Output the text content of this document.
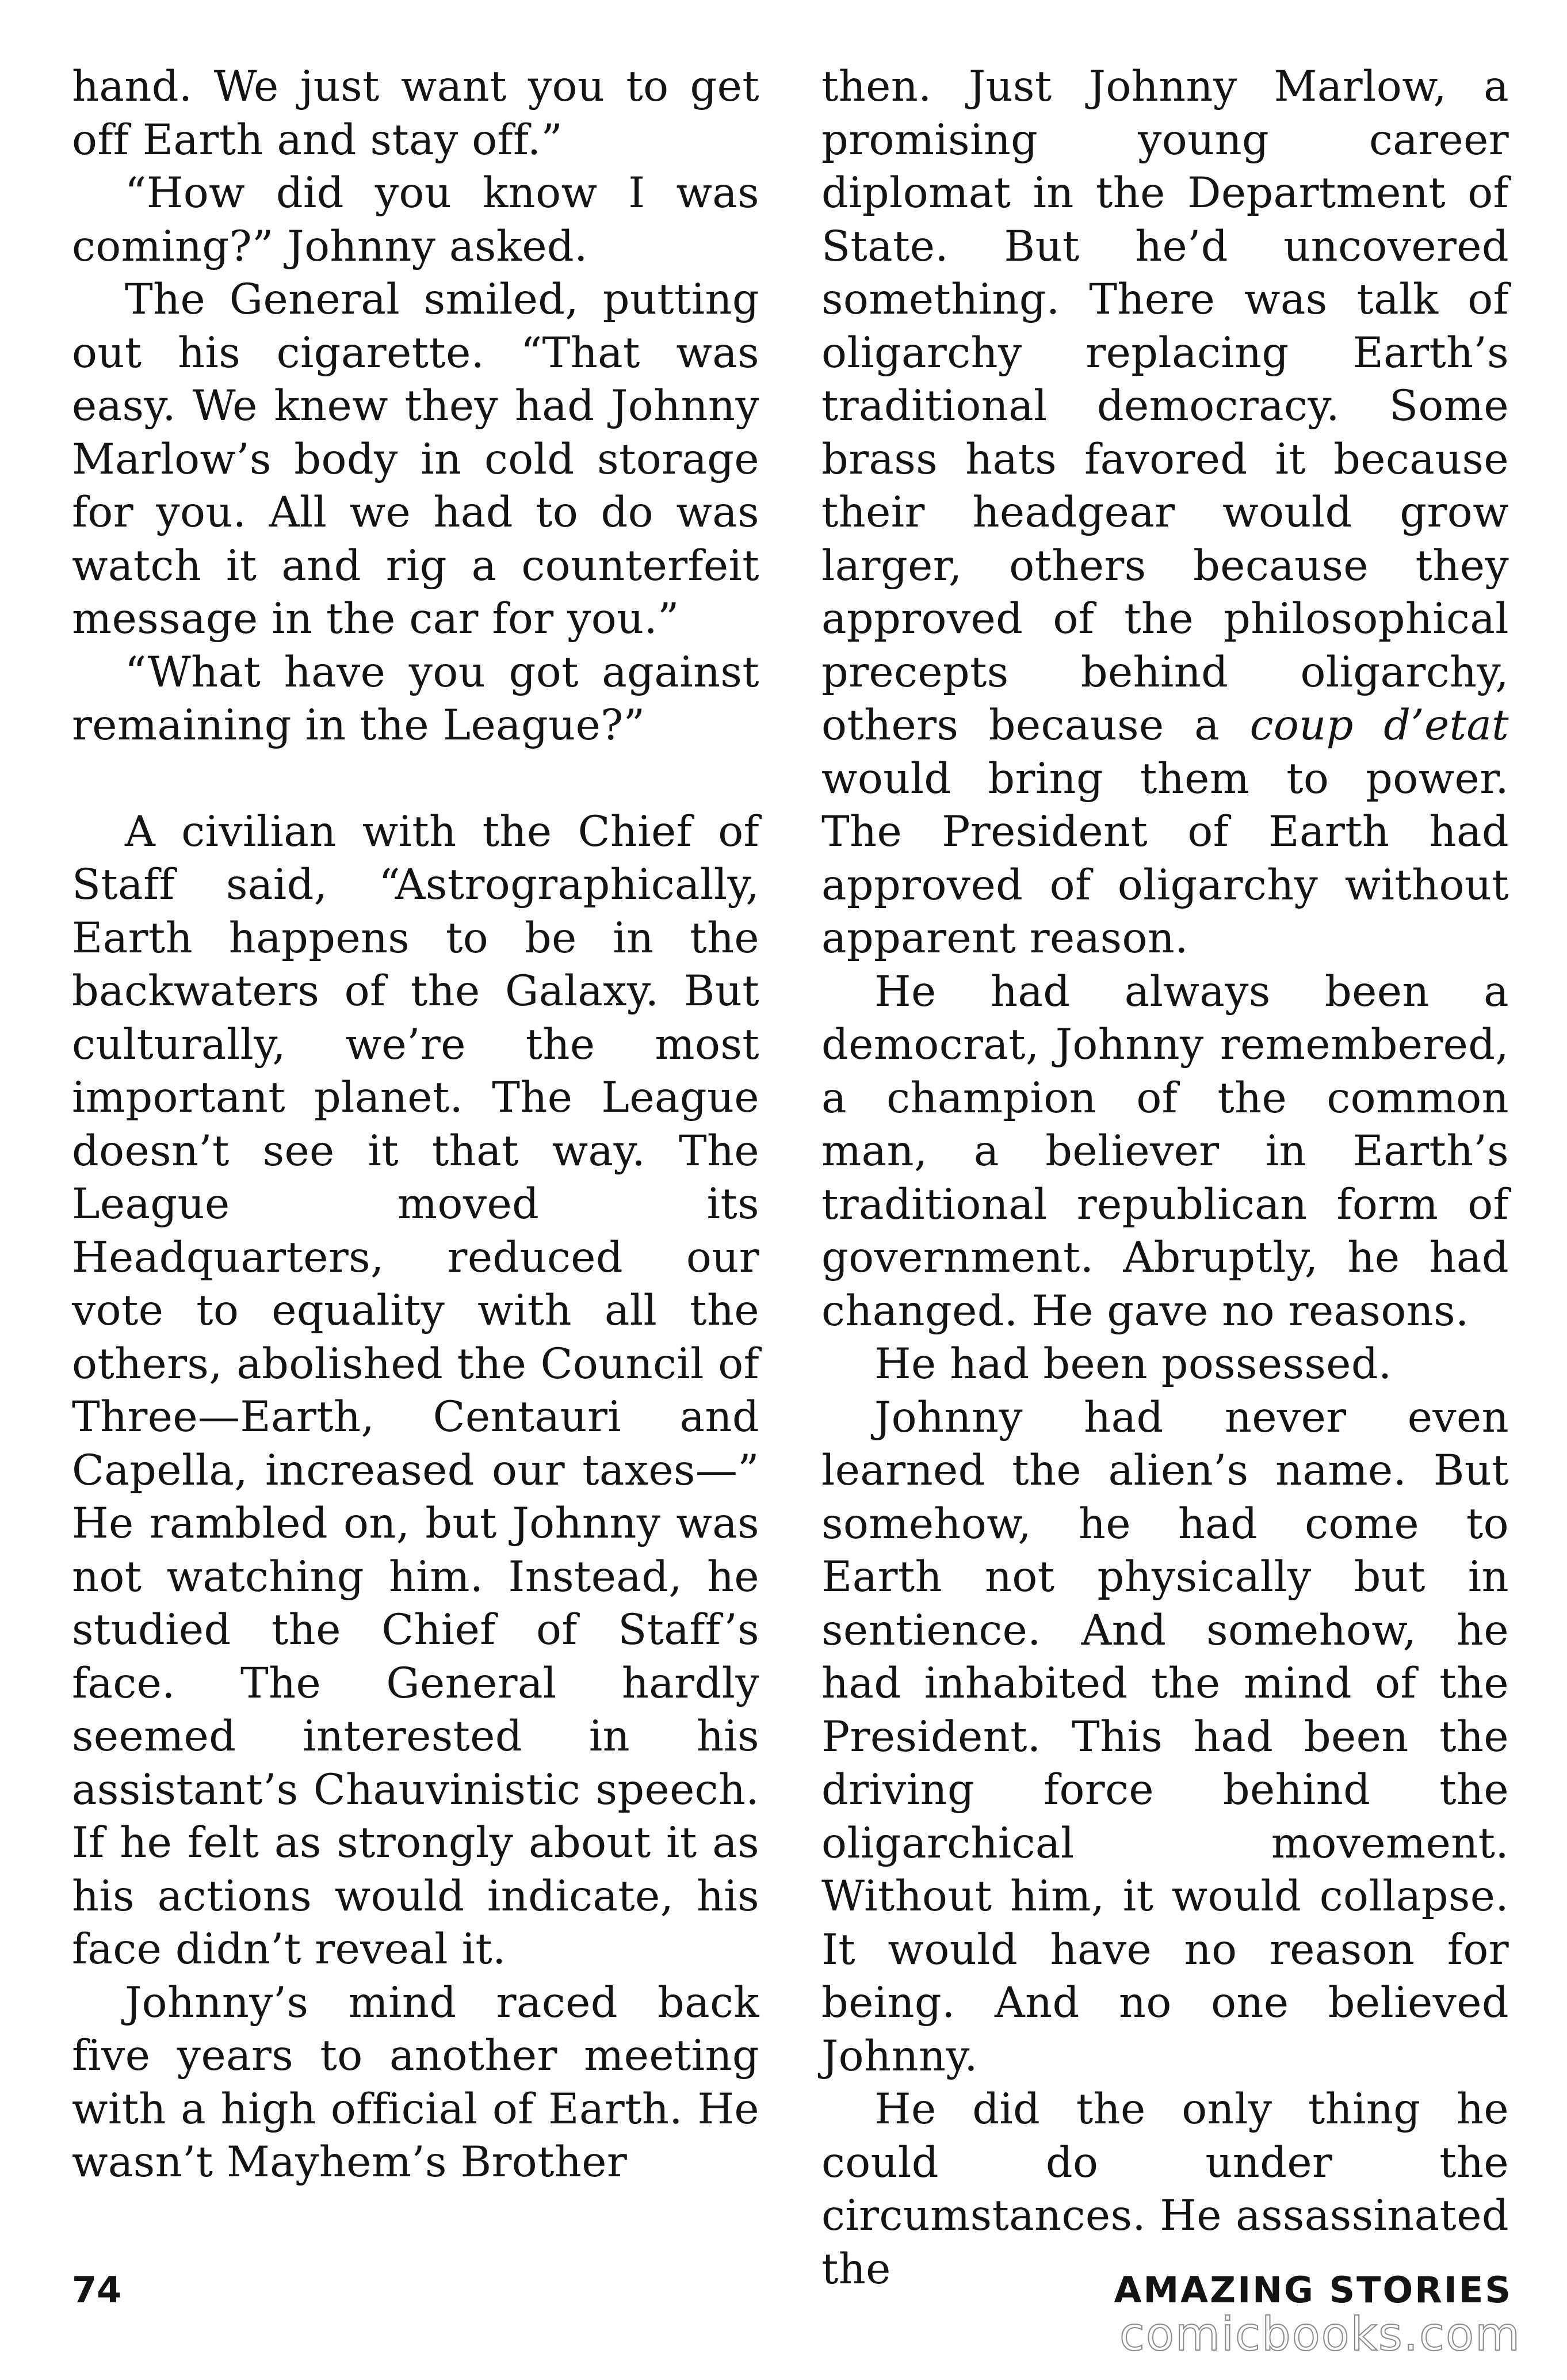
hand. We just want you to get off Earth and stay off.”

“How did you know I was coming?” Johnny asked.

The General smiled, putting out his cigarette. “That was easy. We knew they had Johnny Marlow’s body in cold storage for you. All we had to do was watch it and rig a counterfeit message in the car for you.”

“What have you got against remaining in the League?”

A civilian with the Chief of Staff said, “Astrographically, Earth happens to be in the backwaters of the Galaxy. But culturally, we’re the most important planet. The League doesn’t see it that way. The League moved its Headquarters, reduced our vote to equality with all the others, abolished the Council of Three—Earth, Centauri and Capella, increased our taxes—” He rambled on, but Johnny was not watching him. Instead, he studied the Chief of Staff’s face. The General hardly seemed interested in his assistant’s Chauvinistic speech. If he felt as strongly about it as his actions would indicate, his face didn’t reveal it.

Johnny’s mind raced back five years to another meeting with a high official of Earth. He wasn’t Mayhem’s Brother

then. Just Johnny Marlow, a promising young career diplomat in the Department of State. But he’d uncovered something. There was talk of oligarchy replacing Earth’s traditional democracy. Some brass hats favored it because their headgear would grow larger, others because they approved of the philosophical precepts behind oligarchy, others because a coup d’etat would bring them to power. The President of Earth had approved of oligarchy without apparent reason.

He had always been a democrat, Johnny remembered, a champion of the common man, a believer in Earth’s traditional republican form of government. Abruptly, he had changed. He gave no reasons.

He had been possessed.

Johnny had never even learned the alien’s name. But somehow, he had come to Earth not physically but in sentience. And somehow, he had inhabited the mind of the President. This had been the driving force behind the oligarchical movement. Without him, it would collapse. It would have no reason for being. And no one believed Johnny.

He did the only thing he could do under the circumstances. He assassinated the

74	AMAZING STORIES
comicbooks.com
